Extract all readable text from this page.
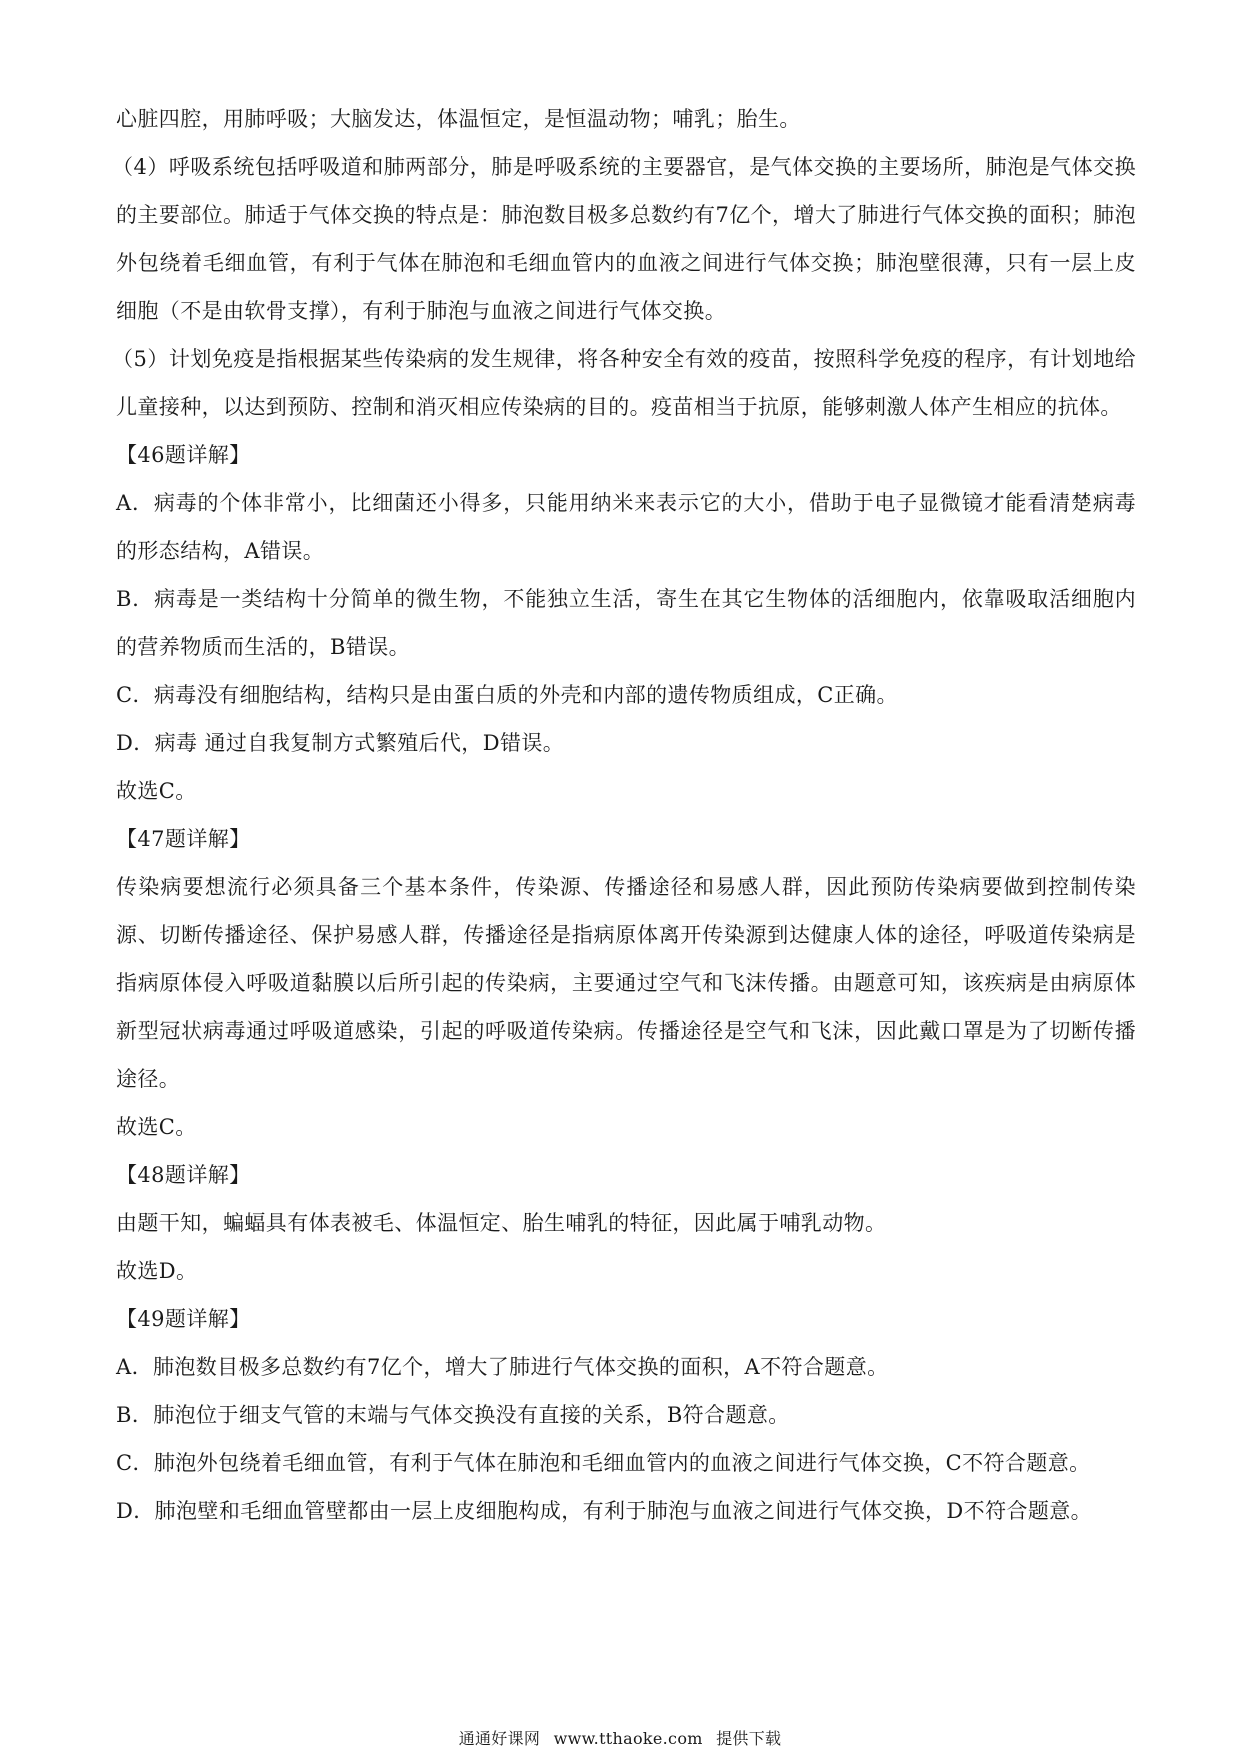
心脏四腔，用肺呼吸；大脑发达，体温恒定，是恒温动物；哺乳；胎生。

（4）呼吸系统包括呼吸道和肺两部分，肺是呼吸系统的主要器官，是气体交换的主要场所，肺泡是气体交换的主要部位。肺适于气体交换的特点是：肺泡数目极多总数约有7亿个，增大了肺进行气体交换的面积；肺泡外包绕着毛细血管，有利于气体在肺泡和毛细血管内的血液之间进行气体交换；肺泡壁很薄，只有一层上皮细胞（不是由软骨支撑），有利于肺泡与血液之间进行气体交换。

（5）计划免疫是指根据某些传染病的发生规律，将各种安全有效的疫苗，按照科学免疫的程序，有计划地给儿童接种，以达到预防、控制和消灭相应传染病的目的。疫苗相当于抗原，能够刺激人体产生相应的抗体。

【46题详解】

A．病毒的个体非常小，比细菌还小得多，只能用纳米来表示它的大小，借助于电子显微镜才能看清楚病毒的形态结构，A错误。

B．病毒是一类结构十分简单的微生物，不能独立生活，寄生在其它生物体的活细胞内，依靠吸取活细胞内的营养物质而生活的，B错误。

C．病毒没有细胞结构，结构只是由蛋白质的外壳和内部的遗传物质组成，C正确。

D．病毒 通过自我复制方式繁殖后代，D错误。

故选C。

【47题详解】

传染病要想流行必须具备三个基本条件，传染源、传播途径和易感人群，因此预防传染病要做到控制传染源、切断传播途径、保护易感人群，传播途径是指病原体离开传染源到达健康人体的途径，呼吸道传染病是指病原体侵入呼吸道黏膜以后所引起的传染病，主要通过空气和飞沫传播。由题意可知，该疾病是由病原体新型冠状病毒通过呼吸道感染，引起的呼吸道传染病。传播途径是空气和飞沫，因此戴口罩是为了切断传播途径。

故选C。

【48题详解】

由题干知，蝙蝠具有体表被毛、体温恒定、胎生哺乳的特征，因此属于哺乳动物。

故选D。

【49题详解】

A．肺泡数目极多总数约有7亿个，增大了肺进行气体交换的面积，A不符合题意。

B．肺泡位于细支气管的末端与气体交换没有直接的关系，B符合题意。

C．肺泡外包绕着毛细血管，有利于气体在肺泡和毛细血管内的血液之间进行气体交换，C不符合题意。

D．肺泡壁和毛细血管壁都由一层上皮细胞构成，有利于肺泡与血液之间进行气体交换，D不符合题意。

通通好课网 www.tthaoke.com 提供下载
